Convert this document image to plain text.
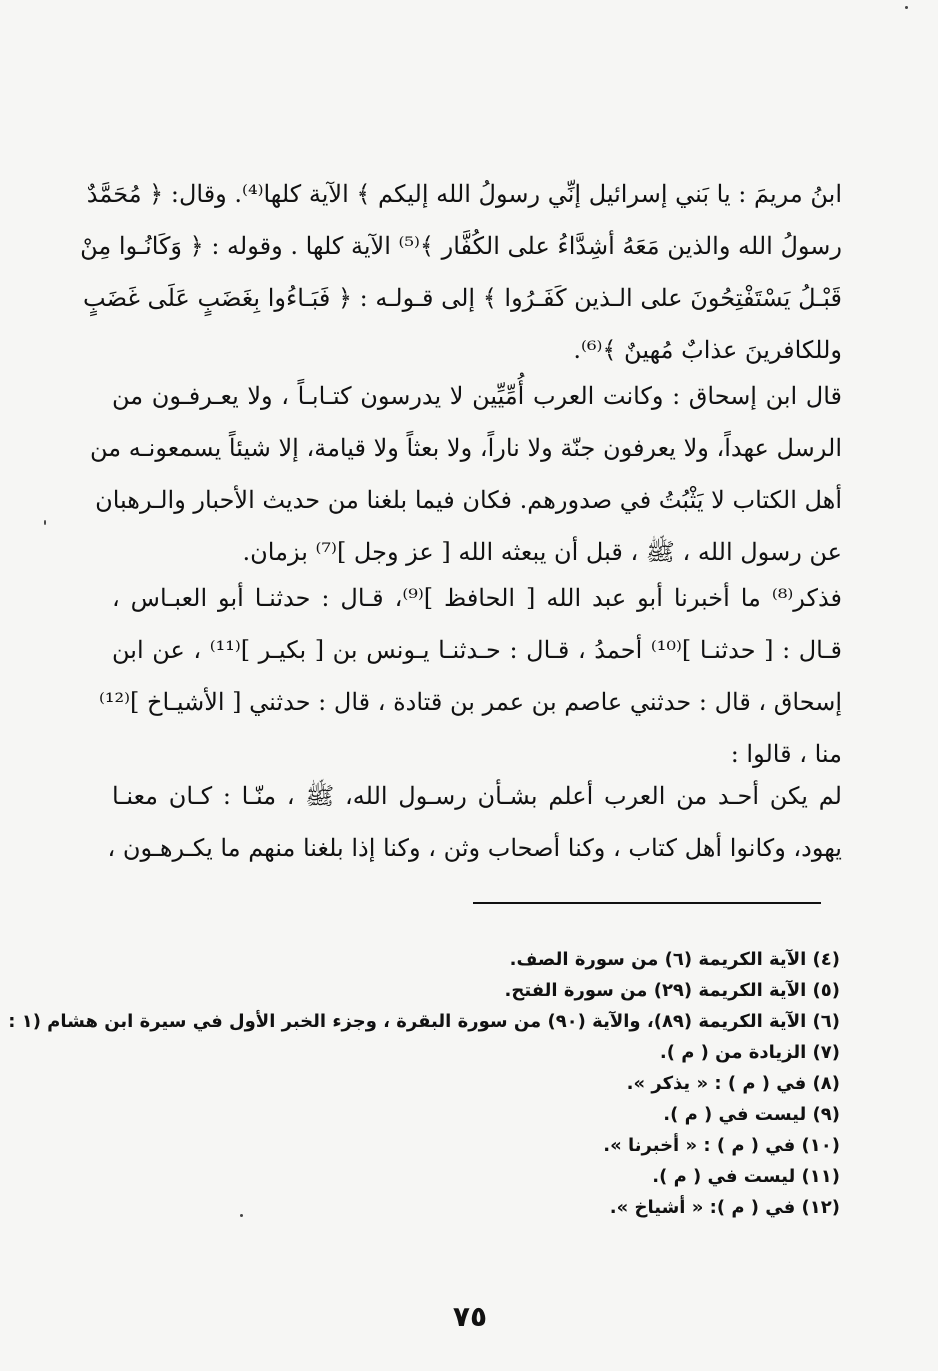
ابنُ مريمَ : يا بَني إسرائيل إنِّي رسولُ الله إليكم ﴾ الآية كلها⁽⁴⁾. وقال: ﴿ مُحَمَّدٌ
رسولُ الله والذين مَعَهُ أشِدَّاءُ على الكُفَّار ﴾⁽⁵⁾ الآية كلها . وقوله : ﴿ وَكَانُـوا مِنْ
قَبْـلُ يَسْتَفْتِحُونَ على الـذين كَفَـرُوا ﴾ إلى قـولـه : ﴿ فَبَـاءُوا بِغَضَبٍ عَلَى غَضَبٍ
وللكافرينَ عذابٌ مُهينٌ ﴾⁽⁶⁾.
قال ابن إسحاق : وكانت العرب أُمِّيِّين لا يدرسون كتـابـاً ، ولا يعـرفـون من
الرسل عهداً، ولا يعرفون جنّة ولا ناراً، ولا بعثاً ولا قيامة، إلا شيئاً يسمعونـه من
أهل الكتاب لا يَثْبُتُ في صدورهم. فكان فيما بلغنا من حديث الأحبار والـرهبان
عن رسول الله ، ﷺ ، قبل أن يبعثه الله [ عز وجل ]⁽⁷⁾ بزمان.
فذكر⁽⁸⁾ ما أخبرنا أبو عبد الله [ الحافظ ]⁽⁹⁾، قـال : حدثنـا أبو العبـاس ،
قـال : [ حدثنـا ]⁽¹⁰⁾ أحمدُ ، قـال : حـدثنـا يـونس بن [ بكيـر ]⁽¹¹⁾ ، عن ابن
إسحاق ، قال : حدثني عاصم بن عمر بن قتادة ، قال : حدثني [ الأشيـاخ ]⁽¹²⁾
منا ، قالوا :
لم يكن أحـد من العرب أعلم بشـأن رسـول الله، ﷺ ، منّـا : كـان معنـا
يهود، وكانوا أهل كتاب ، وكنا أصحاب وثن ، وكنا إذا بلغنا منهم ما يكـرهـون ،
(٤) الآية الكريمة (٦) من سورة الصف.
(٥) الآية الكريمة (٢٩) من سورة الفتح.
(٦) الآية الكريمة (٨٩)، والآية (٩٠) من سورة البقرة ، وجزء الخبر الأول في سيرة ابن هشام (١ :
(٧) الزيادة من ( م ).
(٨) في ( م ) : « يذكر ».
(٩) ليست في ( م ).
(١٠) في ( م ) : « أخبرنا ».
(١١) ليست في ( م ).
(١٢) في ( م ): « أشياخ ».
٧٥
